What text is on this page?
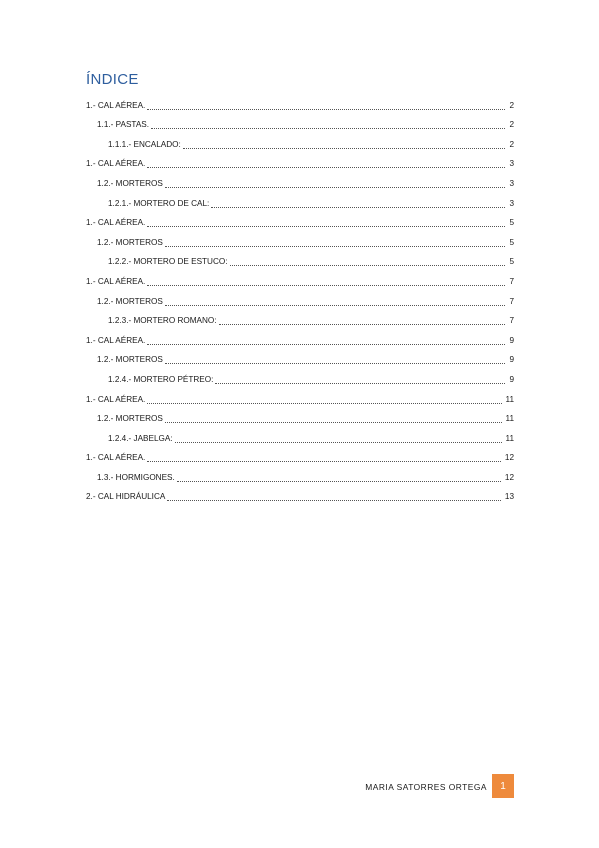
ÍNDICE
1.- CAL AÉREA.	2
1.1.- PASTAS.	2
1.1.1.- ENCALADO:	2
1.- CAL AÉREA.	3
1.2.- MORTEROS	3
1.2.1.- MORTERO DE CAL:	3
1.- CAL AÉREA.	5
1.2.- MORTEROS	5
1.2.2.- MORTERO DE ESTUCO:	5
1.- CAL AÉREA.	7
1.2.- MORTEROS	7
1.2.3.- MORTERO ROMANO:	7
1.- CAL AÉREA.	9
1.2.- MORTEROS	9
1.2.4.- MORTERO PÉTREO:	9
1.- CAL AÉREA.	11
1.2.- MORTEROS	11
1.2.4.- JABELGA:	11
1.- CAL AÉREA.	12
1.3.- HORMIGONES.	12
2.- CAL HIDRÁULICA	13
MARIA SATORRES ORTEGA 1
